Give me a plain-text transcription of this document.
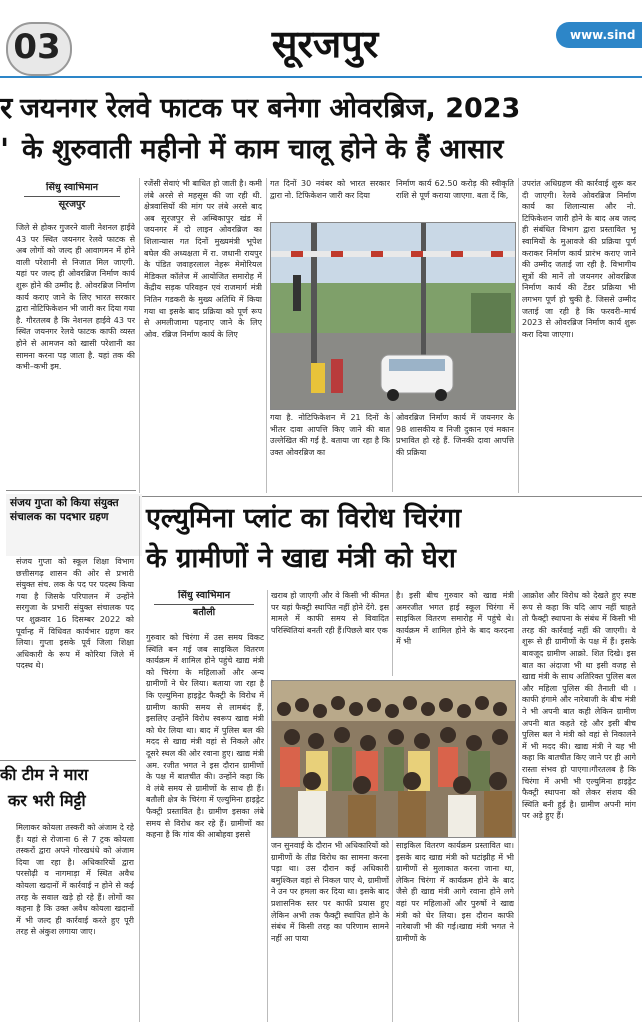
03	सूरजपुर	www.sind
र जयनगर रेलवे फाटक पर बनेगा ओवरब्रिज, 2023
' के शुरुवाती महीनो में काम चालू होने के हैं आसार
सिंधु स्वाभिमान
सूरजपुर
जिले से होकर गुजरने वाली नेशनल हाईवे 43 पर स्थित जयनगर रेलवे फाटक से अब लोगों को जल्द ही आवागमन में होने वाली परेशानी से निजात मिल जाएगी. यहां पर जल्द ही ओवरब्रिज निर्माण कार्य शुरू होने की उम्मीद है. ओवरब्रिज निर्माण कार्य कराए जाने के लिए भारत सरकार द्वारा नोटिफिकेशन भी जारी कर दिया गया है. गौरतलब है कि नेशनल हाईवे 43 पर स्थित जयनगर रेलवे फाटक काफी व्यस्त होने से आमजन को खासी परेशानी का सामना करना पड़ जाता है. यहां तक की कभी–कभी इम.
रजेंसी सेवाएं भी बाधित हो जाती है। कमी लंबे अरसे से महसूस की जा रही थी. क्षेत्रवासियों की मांग पर लंबे अरसे बाद अब सूरजपुर से अम्बिकापुर खंड में जयनगर में दो लाइन ओवरब्रिज का शिलान्यास गत दिनों मुख्यमंत्री भूपेश बघेल की अध्यक्षता में रा. जधानी रायपुर के पंडित जवाहरलाल नेहरू मेमोरियल मेडिकल कॉलेज में आयोजित समारोह में केंद्रीय सड़क परिवहन एवं राजमार्ग मंत्री नितिन गडकरी के मुख्य अतिथि में किया गया था इसके बाद प्रक्रिया को पूर्ण रूप से अमलीजामा पहनाए जाने के लिए ओव. रब्रिज निर्माण कार्य के लिए
गत दिनों 30 नवंबर को भारत सरकार द्वारा नो. टिफिकेशन जारी कर दिया
निर्माण कार्य 62.50 करोड़ की स्वीकृति राशि से पूर्ण कराया जाएगा. बता दें कि,
गया है. नोटिफिकेशन में 21 दिनों के भीतर दावा आपत्ति किए जाने की बात उल्लेखित की गई है. बताया जा रहा है कि उक्त ओवरब्रिज का
ओवरब्रिज निर्माण कार्य में जयनगर के 98 शासकीय व निजी दुकान एवं मकान प्रभावित हो रहे हैं. जिनकी दावा आपत्ति की प्रक्रिया
उपरांत अधिग्रहण की कार्रवाई शुरू कर दी जाएगी। रेलवे ओवरब्रिज निर्माण कार्य का शिलान्यास और नो. टिफिकेशन जारी होने के बाद अब जल्द ही संबंधित विभाग द्वारा प्रस्तावित भू स्वामियों के मुआवजे की प्रक्रिया पूर्ण कराकर निर्माण कार्य प्रारंभ कराए जाने की उम्मीद जताई जा रही है. विभागीय सूत्रों की मानें तो जयनगर ओवरब्रिज निर्माण कार्य की टेंडर प्रक्रिया भी लगभग पूर्ण हो चुकी है. जिससे उम्मीद जताई जा रही है कि फरवरी–मार्च 2023 से ओवरब्रिज निर्माण कार्य शुरू करा दिया जाएगा।
संजय गुप्ता को किया संयुक्त संचालक का पदभार ग्रहण
संजय गुप्ता को स्कूल शिक्षा विभाग छत्तीसगढ़ शासन की ओर से प्रभारी संयुक्त संच. लक के पद पर पदस्थ किया गया है जिसके परिपालन में उन्होंने सरगुजा के प्रभारी संयुक्त संचालक पद पर शुक्रवार 16 दिसम्बर 2022 को पूर्वान्ह में विधिवत कार्यभार ग्रहण कर लिया। गुप्ता इसके पूर्व जिला शिक्षा अधिकारी के रूप में कोरिया जिले में पदस्थ थे।
की टीम ने मारा
कर भरी मिट्टी
मिलाकर कोयला तस्करी को अंजाम दे रहे हैं। यहां से रोजाना 6 से 7 ट्रक कोयला तस्करों द्वारा अपने गोरखधंधे को अंजाम दिया जा रहा है। अधिकारियों द्वारा परसोढ़ी व नागमाड़ा में स्थित अवैध कोयला खदानों में कार्रवाई न होने से कई तरह के सवाल खड़े हो रहे हैं। लोगों का कहना है कि उक्त अवैध कोयला खदानों में भी जल्द ही कार्रवाई करते हुए पूरी तरह से अंकुश लगाया जाए।
एल्युमिना प्लांट का विरोध चिरंगा
के ग्रामीणों ने खाद्य मंत्री को घेरा
सिंधु स्वाभिमान
बतौली
गुरुवार को चिरंगा में उस समय विकट स्थिति बन गई जब साइकिल वितरण कार्यक्रम में शामिल होने पहुंचे खाद्य मंत्री को चिरंगा के महिलाओं और अन्य ग्रामीणों ने घेर लिया। बताया जा रहा है कि एल्युमिना हाइड्रेट फैक्ट्री के विरोध में ग्रामीण काफी समय से लामबंद हैं, इसलिए उन्होंने विरोध स्वरूप खाद्य मंत्री को घेर लिया था। बाद में पुलिस बल की मदद से खाद्य मंत्री वहां से निकले और दूसरे स्थल की ओर रवाना हुए। खाद्य मंत्री अम. रजीत भगत ने इस दौरान ग्रामीणों के पक्ष में बातचीत की। उन्होंने कहा कि वे लंबे समय से ग्रामीणों के साथ ही हैं। बतौली क्षेत्र के चिरंगा में एल्युमिना हाइड्रेट फैक्ट्री प्रस्तावित है। ग्रामीण इसका लंबे समय से विरोध कर रहे हैं। ग्रामीणों का कहना है कि गांव की आबोहवा इससे
खराब हो जाएगी और वे किसी भी कीमत पर यहां फैक्ट्री स्थापित नहीं होने देंगे. इस मामले में काफी समय से विवादित परिस्थितियां बनती रही हैं।पिछले बार एक
है। इसी बीच गुरुवार को खाद्य मंत्री अमरजीत भगत हाई स्कूल चिरंगा में साइकिल वितरण समारोह में पहुंचे थे। कार्यक्रम में शामिल होने के बाद करदना में भी
जन सुनवाई के दौरान भी अधिकारियों को ग्रामीणों के तीव्र विरोध का सामना करना पड़ा था। उस दौरान कई अधिकारी बमुश्किल वहां से निकल पाए थे, ग्रामीणों ने उन पर हमला कर दिया था। इसके बाद प्रशासनिक स्तर पर काफी प्रयास हुए लेकिन अभी तक फैक्ट्री स्थापित होने के संबंध में किसी तरह का परिणाम सामने नहीं आ पाया
साइकिल वितरण कार्यक्रम प्रस्तावित था। इसके बाद खाद्य मंत्री को घटांझीह में भी ग्रामीणों से मुलाकात करना जाना था, लेकिन चिरंगा में कार्यक्रम होने के बाद जैसे ही खाद्य मंत्री आगे रवाना होने लगे वहां पर महिलाओं और पुरुषों ने खाद्य मंत्री को घेर लिया। इस दौरान काफी नारेबाजी भी की गई।खाद्य मंत्री भगत ने ग्रामीणों के
आक्रोश और विरोध को देखते हुए स्पष्ट रूप से कहा कि यदि आप नहीं चाहते तो फैक्ट्री स्थापना के संबंध में किसी भी तरह की कार्रवाई नहीं की जाएगी। वे शुरू से ही ग्रामीणों के पक्ष में हैं। इसके बावजूद ग्रामीण आक्रो. शित दिखे। इस बात का अंदाजा भी था इसी वजह से खाद्य मंत्री के साथ अतिरिक्त पुलिस बल और महिला पुलिस की तैनाती थी । काफी हंगामे और नारेबाजी के बीच मंत्री ने भी अपनी बात कही लेकिन ग्रामीण अपनी बात कहते रहे और इसी बीच पुलिस बल ने मंत्री को वहां से निकालने में भी मदद की। खाद्य मंत्री ने यह भी कहा कि बातचीत किए जाने पर ही आगे रास्ता संभव हो पाएगा।गौरतलब है कि चिरंगा में अभी भी एल्युमिना हाइड्रेट फैक्ट्री स्थापना को लेकर संशय की स्थिति बनी हुई है। ग्रामीण अपनी मांग पर अड़े हुए हैं।
